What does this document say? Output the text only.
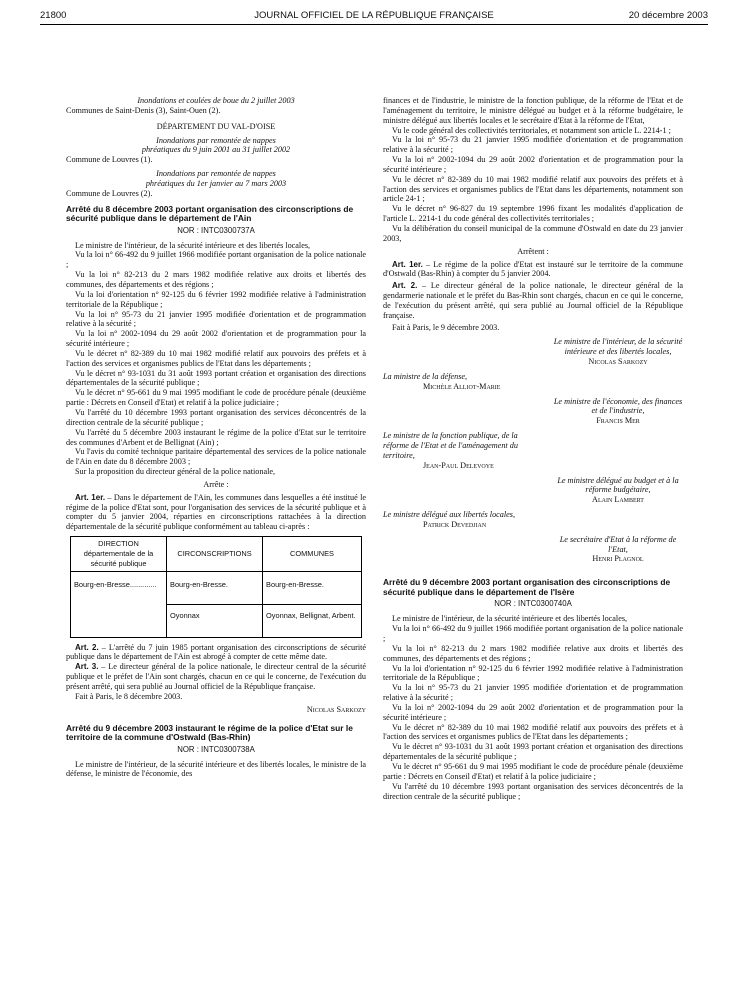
21800	JOURNAL OFFICIEL DE LA RÉPUBLIQUE FRANÇAISE	20 décembre 2003

Inondations et coulées de boue du 2 juillet 2003

Communes de Saint-Denis (3), Saint-Ouen (2).

DÉPARTEMENT DU VAL-D'OISE

Inondations par remontée de nappes phréatiques du 9 juin 2001 au 31 juillet 2002

Commune de Louvres (1).

Inondations par remontée de nappes phréatiques du 1er janvier au 7 mars 2003

Commune de Louvres (2).

Arrêté du 8 décembre 2003 portant organisation des circonscriptions de sécurité publique dans le département de l'Ain

NOR : INTC0300737A

Le ministre de l'intérieur, de la sécurité intérieure et des libertés locales,

Vu la loi n° 66-492 du 9 juillet 1966 modifiée portant organisation de la police nationale ;

Vu la loi n° 82-213 du 2 mars 1982 modifiée relative aux droits et libertés des communes, des départements et des régions ;

Vu la loi d'orientation n° 92-125 du 6 février 1992 modifiée relative à l'administration territoriale de la République ;

Vu la loi n° 95-73 du 21 janvier 1995 modifiée d'orientation et de programmation relative à la sécurité ;

Vu la loi n° 2002-1094 du 29 août 2002 d'orientation et de programmation pour la sécurité intérieure ;

Vu le décret n° 82-389 du 10 mai 1982 modifié relatif aux pouvoirs des préfets et à l'action des services et organismes publics de l'Etat dans les départements ;

Vu le décret n° 93-1031 du 31 août 1993 portant création et organisation des directions départementales de la sécurité publique ;

Vu le décret n° 95-661 du 9 mai 1995 modifiant le code de procédure pénale (deuxième partie : Décrets en Conseil d'Etat) et relatif à la police judiciaire ;

Vu l'arrêté du 10 décembre 1993 portant organisation des services déconcentrés de la direction centrale de la sécurité publique ;

Vu l'arrêté du 5 décembre 2003 instaurant le régime de la police d'Etat sur le territoire des communes d'Arbent et de Bellignat (Ain) ;

Vu l'avis du comité technique paritaire départemental des services de la police nationale de l'Ain en date du 8 décembre 2003 ;

Sur la proposition du directeur général de la police nationale,

Arrête :

Art. 1er. – Dans le département de l'Ain, les communes dans lesquelles a été institué le régime de la police d'Etat sont, pour l'organisation des services de la sécurité publique et à compter du 5 janvier 2004, réparties en circonscriptions rattachées à la direction départementale de la sécurité publique conformément au tableau ci-après :

DIRECTION départementale de la sécurité publique	CIRCONSCRIPTIONS	COMMUNES
Bourg-en-Bresse.............	Bourg-en-Bresse.	Bourg-en-Bresse.
	Oyonnax	Oyonnax, Bellignat, Arbent.

Art. 2. – L'arrêté du 7 juin 1985 portant organisation des circonscriptions de sécurité publique dans le département de l'Ain est abrogé à compter de cette même date.

Art. 3. – Le directeur général de la police nationale, le directeur central de la sécurité publique et le préfet de l'Ain sont chargés, chacun en ce qui le concerne, de l'exécution du présent arrêté, qui sera publié au Journal officiel de la République française.

Fait à Paris, le 8 décembre 2003.

Nicolas Sarkozy

Arrêté du 9 décembre 2003 instaurant le régime de la police d'Etat sur le territoire de la commune d'Ostwald (Bas-Rhin)

NOR : INTC0300738A

Le ministre de l'intérieur, de la sécurité intérieure et des libertés locales, le ministre de la défense, le ministre de l'économie, des

finances et de l'industrie, le ministre de la fonction publique, de la réforme de l'Etat et de l'aménagement du territoire, le ministre délégué au budget et à la réforme budgétaire, le ministre délégué aux libertés locales et le secrétaire d'Etat à la réforme de l'Etat,

Vu le code général des collectivités territoriales, et notamment son article L. 2214-1 ;

Vu la loi n° 95-73 du 21 janvier 1995 modifiée d'orientation et de programmation relative à la sécurité ;

Vu la loi n° 2002-1094 du 29 août 2002 d'orientation et de programmation pour la sécurité intérieure ;

Vu le décret n° 82-389 du 10 mai 1982 modifié relatif aux pouvoirs des préfets et à l'action des services et organismes publics de l'Etat dans les départements, notamment son article 24-1 ;

Vu le décret n° 96-827 du 19 septembre 1996 fixant les modalités d'application de l'article L. 2214-1 du code général des collectivités territoriales ;

Vu la délibération du conseil municipal de la commune d'Ostwald en date du 23 janvier 2003,

Arrêtent :

Art. 1er. – Le régime de la police d'Etat est instauré sur le territoire de la commune d'Ostwald (Bas-Rhin) à compter du 5 janvier 2004.

Art. 2. – Le directeur général de la police nationale, le directeur général de la gendarmerie nationale et le préfet du Bas-Rhin sont chargés, chacun en ce qui le concerne, de l'exécution du présent arrêté, qui sera publié au Journal officiel de la République française.

Fait à Paris, le 9 décembre 2003.

Le ministre de l'intérieur, de la sécurité intérieure et des libertés locales,

Nicolas Sarkozy

La ministre de la défense,

Michèle Alliot-Marie

Le ministre de l'économie, des finances et de l'industrie,

Francis Mer

Le ministre de la fonction publique, de la réforme de l'Etat et de l'aménagement du territoire,

Jean-Paul Delevoye

Le ministre délégué au budget et à la réforme budgétaire,

Alain Lambert

Le ministre délégué aux libertés locales,

Patrick Devedjian

Le secrétaire d'Etat à la réforme de l'Etat,

Henri Plagnol

Arrêté du 9 décembre 2003 portant organisation des circonscriptions de sécurité publique dans le département de l'Isère

NOR : INTC0300740A

Le ministre de l'intérieur, de la sécurité intérieure et des libertés locales,

Vu la loi n° 66-492 du 9 juillet 1966 modifiée portant organisation de la police nationale ;

Vu la loi n° 82-213 du 2 mars 1982 modifiée relative aux droits et libertés des communes, des départements et des régions ;

Vu la loi d'orientation n° 92-125 du 6 février 1992 modifiée relative à l'administration territoriale de la République ;

Vu la loi n° 95-73 du 21 janvier 1995 modifiée d'orientation et de programmation relative à la sécurité ;

Vu la loi n° 2002-1094 du 29 août 2002 d'orientation et de programmation pour la sécurité intérieure ;

Vu le décret n° 82-389 du 10 mai 1982 modifié relatif aux pouvoirs des préfets et à l'action des services et organismes publics de l'Etat dans les départements ;

Vu le décret n° 93-1031 du 31 août 1993 portant création et organisation des directions départementales de la sécurité publique ;

Vu le décret n° 95-661 du 9 mai 1995 modifiant le code de procédure pénale (deuxième partie : Décrets en Conseil d'Etat) et relatif à la police judiciaire ;

Vu l'arrêté du 10 décembre 1993 portant organisation des services déconcentrés de la direction centrale de la sécurité publique ;
